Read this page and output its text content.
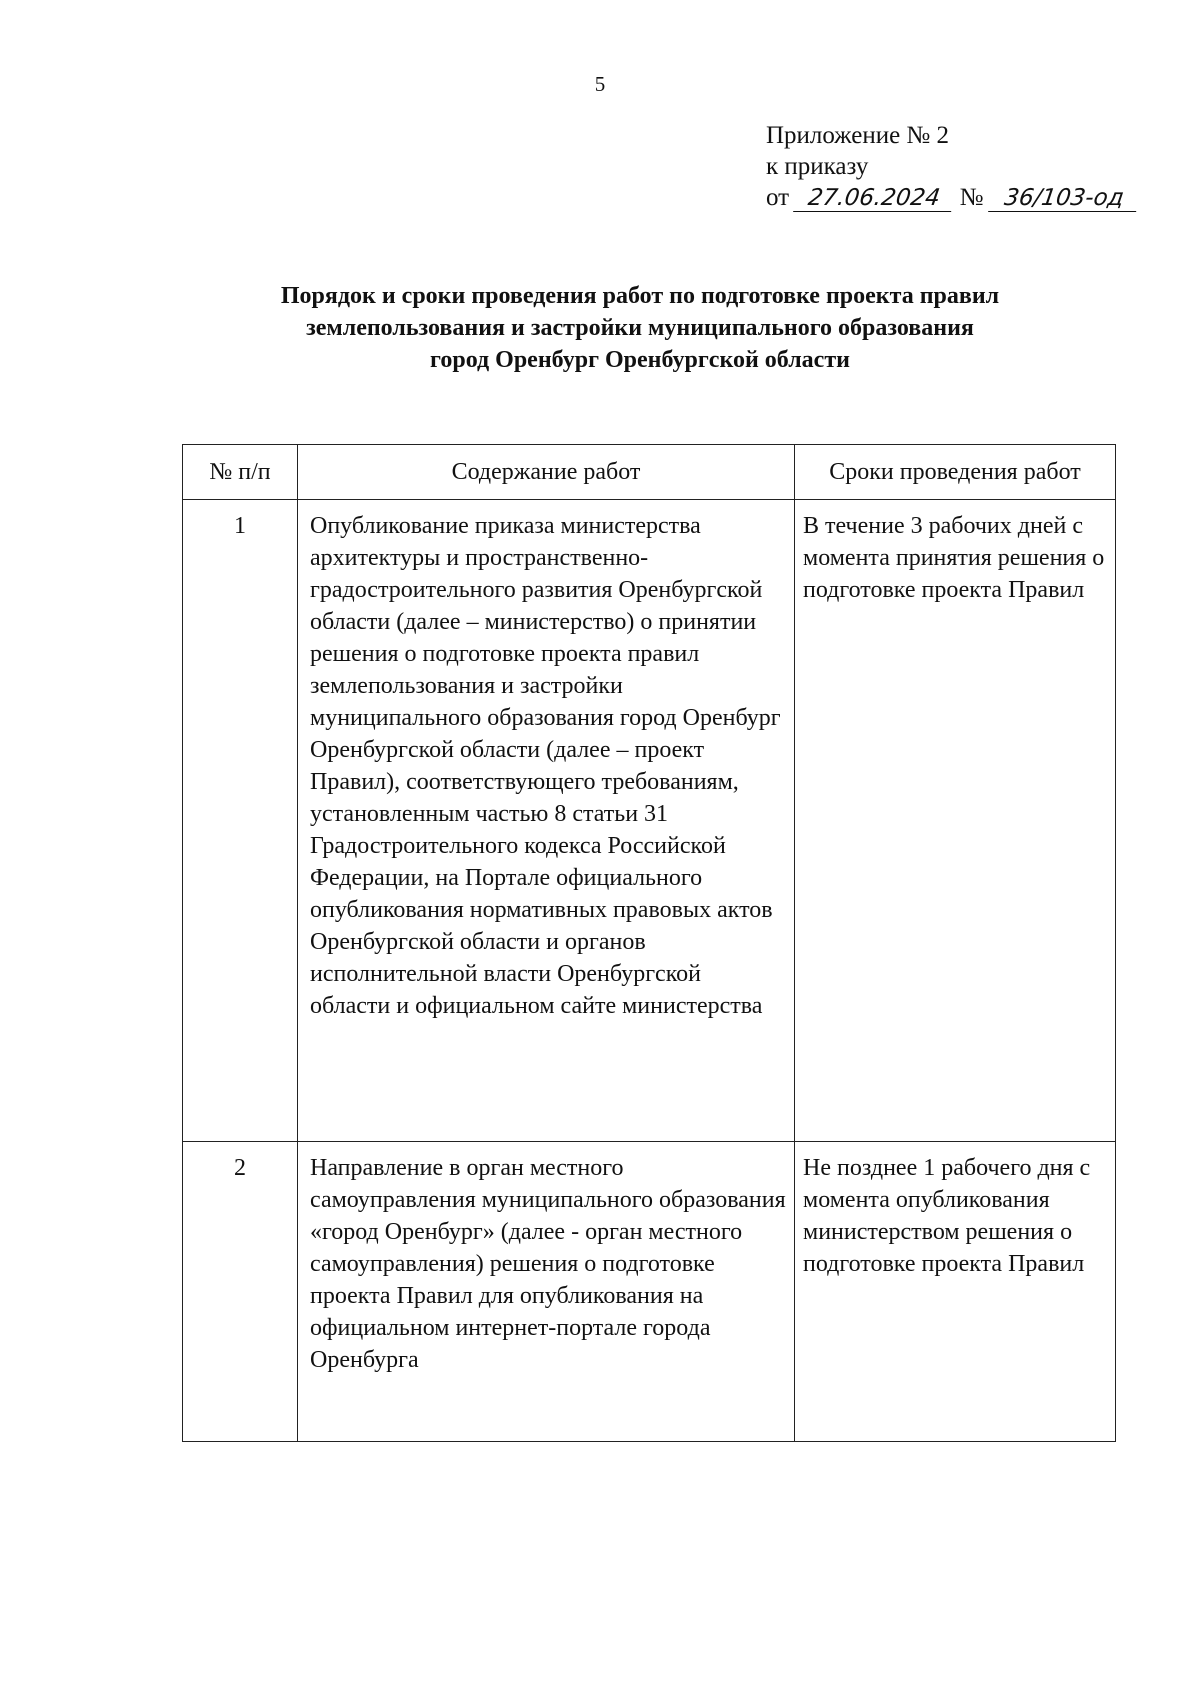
5
Приложение № 2
к приказу
от 27.06.2024 № 36/103-од
Порядок и сроки проведения работ по подготовке проекта правил
землепользования и застройки муниципального образования
город Оренбург Оренбургской области
№ п/п	Содержание работ	Сроки проведения работ
1	Опубликование приказа министерства архитектуры и пространственно-градостроительного развития Оренбургской области (далее – министерство) о принятии решения о подготовке проекта правил землепользования и застройки муниципального образования город Оренбург Оренбургской области (далее – проект Правил), соответствующего требованиям, установленным частью 8 статьи 31 Градостроительного кодекса Российской Федерации, на Портале официального опубликования нормативных правовых актов Оренбургской области и органов исполнительной власти Оренбургской области и официальном сайте министерства	В течение 3 рабочих дней с момента принятия решения о подготовке проекта Правил
2	Направление в орган местного самоуправления муниципального образования «город Оренбург» (далее - орган местного самоуправления) решения о подготовке проекта Правил для опубликования на официальном интернет-портале города Оренбурга	Не позднее 1 рабочего дня с момента опубликования министерством решения о подготовке проекта Правил
